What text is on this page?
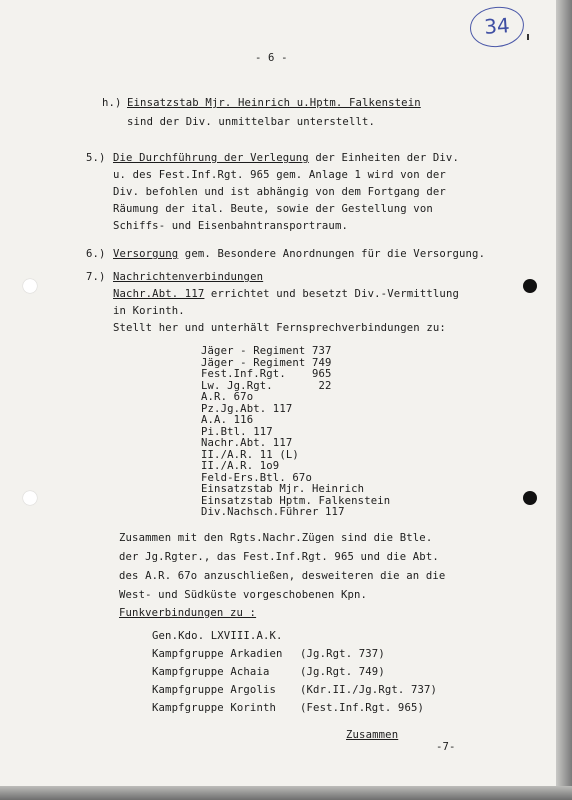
34
- 6 -
h.) Einsatzstab Mjr. Heinrich u.Hptm. Falkenstein
sind der Div. unmittelbar unterstellt.
5.) Die Durchführung der Verlegung der Einheiten der Div.
u. des Fest.Inf.Rgt. 965 gem. Anlage 1 wird von der
Div. befohlen und ist abhängig von dem Fortgang der
Räumung der ital. Beute, sowie der Gestellung von
Schiffs- und Eisenbahntransportraum.
6.) Versorgung gem. Besondere Anordnungen für die Versorgung.
7.) Nachrichtenverbindungen
Nachr.Abt. 117 errichtet und besetzt Div.-Vermittlung
in Korinth.
Stellt her und unterhält Fernsprechverbindungen zu:
Jäger - Regiment 737
Jäger - Regiment 749
Fest.Inf.Rgt.    965
Lw. Jg.Rgt.       22
A.R. 67o
Pz.Jg.Abt. 117
A.A. 116
Pi.Btl. 117
Nachr.Abt. 117
II./A.R. 11 (L)
II./A.R. 1o9
Feld-Ers.Btl. 67o
Einsatzstab Mjr. Heinrich
Einsatzstab Hptm. Falkenstein
Div.Nachsch.Führer 117
Zusammen mit den Rgts.Nachr.Zügen sind die Btle.
der Jg.Rgter., das Fest.Inf.Rgt. 965 und die Abt.
des A.R. 67o anzuschließen, desweiteren die an die
West- und Südküste vorgeschobenen Kpn.
Funkverbindungen zu :
Gen.Kdo. LXVIII.A.K.
Kampfgruppe Arkadien (Jg.Rgt. 737)
Kampfgruppe Achaia	(Jg.Rgt. 749)
Kampfgruppe Argolis (Kdr.II./Jg.Rgt. 737)
Kampfgruppe Korinth (Fest.Inf.Rgt. 965)
Zusammen
-7-
